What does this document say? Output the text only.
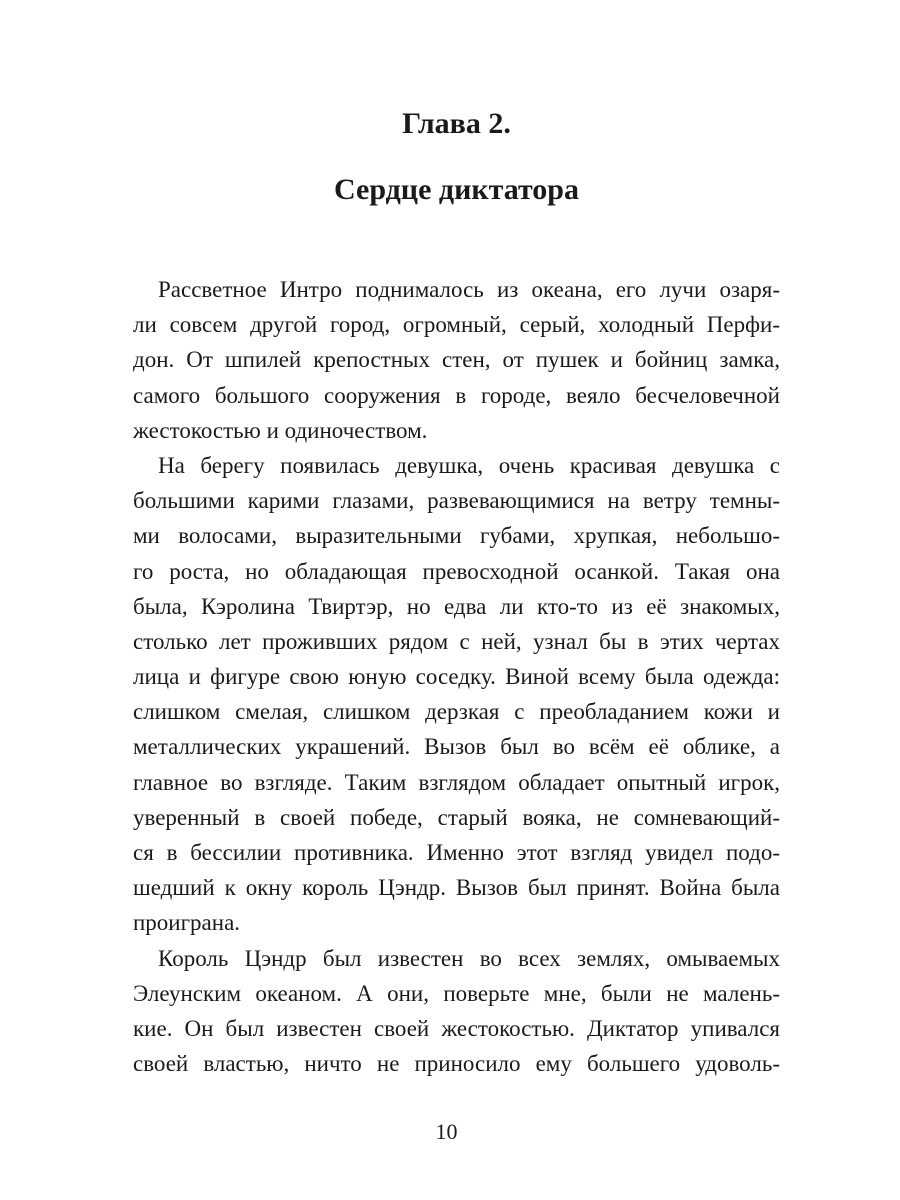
Глава 2.
Сердце диктатора
Рассветное Интро поднималось из океана, его лучи озаря-
ли совсем другой город, огромный, серый, холодный Перфи-
дон. От шпилей крепостных стен, от пушек и бойниц замка,
самого большого сооружения в городе, веяло бесчеловечной
жестокостью и одиночеством.
На берегу появилась девушка, очень красивая девушка с
большими карими глазами, развевающимися на ветру темны-
ми волосами, выразительными губами, хрупкая, небольшо-
го роста, но обладающая превосходной осанкой. Такая она
была, Кэролина Твиртэр, но едва ли кто-то из её знакомых,
столько лет проживших рядом с ней, узнал бы в этих чертах
лица и фигуре свою юную соседку. Виной всему была одежда:
слишком смелая, слишком дерзкая с преобладанием кожи и
металлических украшений. Вызов был во всём её облике, а
главное во взгляде. Таким взглядом обладает опытный игрок,
уверенный в своей победе, старый вояка, не сомневающий-
ся в бессилии противника. Именно этот взгляд увидел подо-
шедший к окну король Цэндр. Вызов был принят. Война была
проиграна.
Король Цэндр был известен во всех землях, омываемых
Элеунским океаном. А они, поверьте мне, были не малень-
кие. Он был известен своей жестокостью. Диктатор упивался
своей властью, ничто не приносило ему большего удоволь-
10
